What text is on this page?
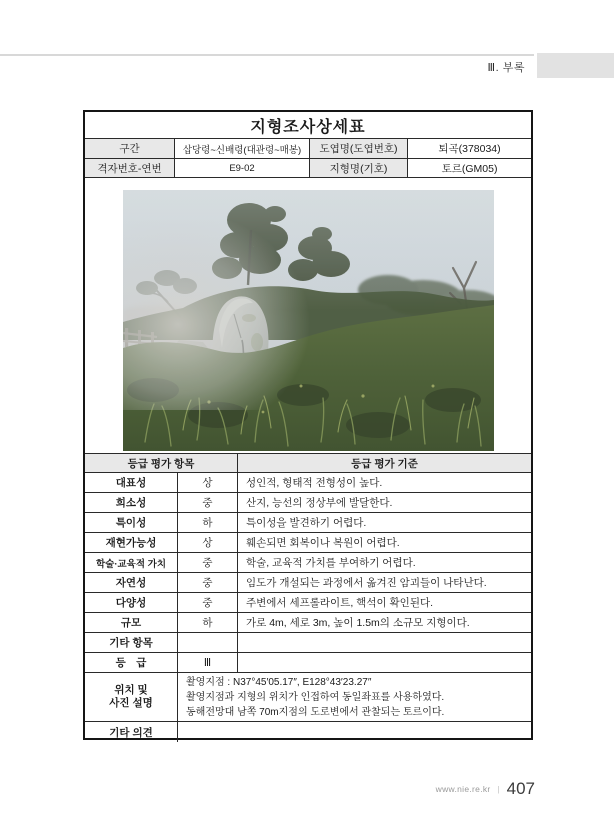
Ⅲ. 부록
지형조사상세표
구간	삽당령~신배령(대관령~매봉)	도엽명(도엽번호)	퇴곡(378034)
격자번호-연번	E9-02	지형명(기호)	토르(GM05)
등급 평가 항목	등급 평가 기준
대표성	상	성인적, 형태적 전형성이 높다.
희소성	중	산지, 능선의 정상부에 발달한다.
특이성	하	특이성을 발견하기 어렵다.
재현가능성	상	훼손되면 회복이나 복원이 어렵다.
학술·교육적 가치	중	학술, 교육적 가치를 부여하기 어렵다.
자연성	중	임도가 개설되는 과정에서 옮겨진 암괴들이 나타난다.
다양성	중	주변에서 세프롤라이트, 핵석이 확인된다.
규모	하	가로 4m, 세로 3m, 높이 1.5m의 소규모 지형이다.
기타 항목
등　급	Ⅲ
위치 및
사진 설명
촬영지점 : N37°45′05.17″, E128°43′23.27″
촬영지점과 지형의 위치가 인접하여 동일좌표를 사용하였다.
동해전망대 남쪽 70m지점의 도로변에서 관찰되는 토르이다.
기타 의견
www.nie.re.kr | 407
